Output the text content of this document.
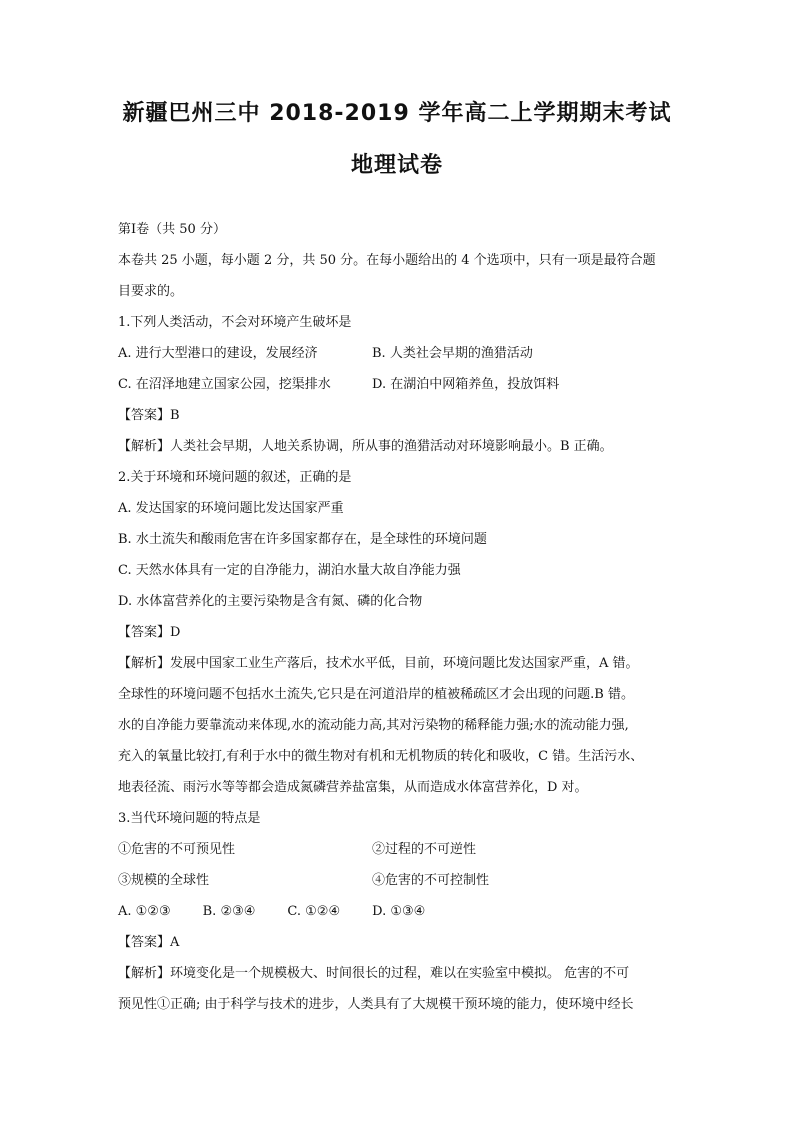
新疆巴州三中 2018-2019 学年高二上学期期末考试
地理试卷
第Ⅰ卷（共 50 分）
本卷共 25 小题，每小题 2 分，共 50 分。在每小题给出的 4 个选项中，只有一项是最符合题
目要求的。
1.下列人类活动，不会对环境产生破坏是
A. 进行大型港口的建设，发展经济	B. 人类社会早期的渔猎活动
C. 在沼泽地建立国家公园，挖渠排水	D. 在湖泊中网箱养鱼，投放饵料
【答案】B
【解析】人类社会早期，人地关系协调，所从事的渔猎活动对环境影响最小。B 正确。
2.关于环境和环境问题的叙述，正确的是
A. 发达国家的环境问题比发达国家严重
B. 水土流失和酸雨危害在许多国家都存在，是全球性的环境问题
C. 天然水体具有一定的自净能力，湖泊水量大故自净能力强
D. 水体富营养化的主要污染物是含有氮、磷的化合物
【答案】D
【解析】发展中国家工业生产落后，技术水平低，目前，环境问题比发达国家严重，A 错。
全球性的环境问题不包括水土流失,它只是在河道沿岸的植被稀疏区才会出现的问题.B 错。
水的自净能力要靠流动来体现,水的流动能力高,其对污染物的稀释能力强;水的流动能力强,
充入的氧量比较打,有利于水中的微生物对有机和无机物质的转化和吸收，C 错。生活污水、
地表径流、雨污水等等都会造成氮磷营养盐富集，从而造成水体富营养化，D 对。
3.当代环境问题的特点是
①危害的不可预见性	②过程的不可逆性
③规模的全球性	④危害的不可控制性
A. ①②③ B. ②③④ C. ①②④ D. ①③④
【答案】A
【解析】环境变化是一个规模极大、时间很长的过程，难以在实验室中模拟。 危害的不可
预见性①正确; 由于科学与技术的进步，人类具有了大规模干预环境的能力，使环境中经长
